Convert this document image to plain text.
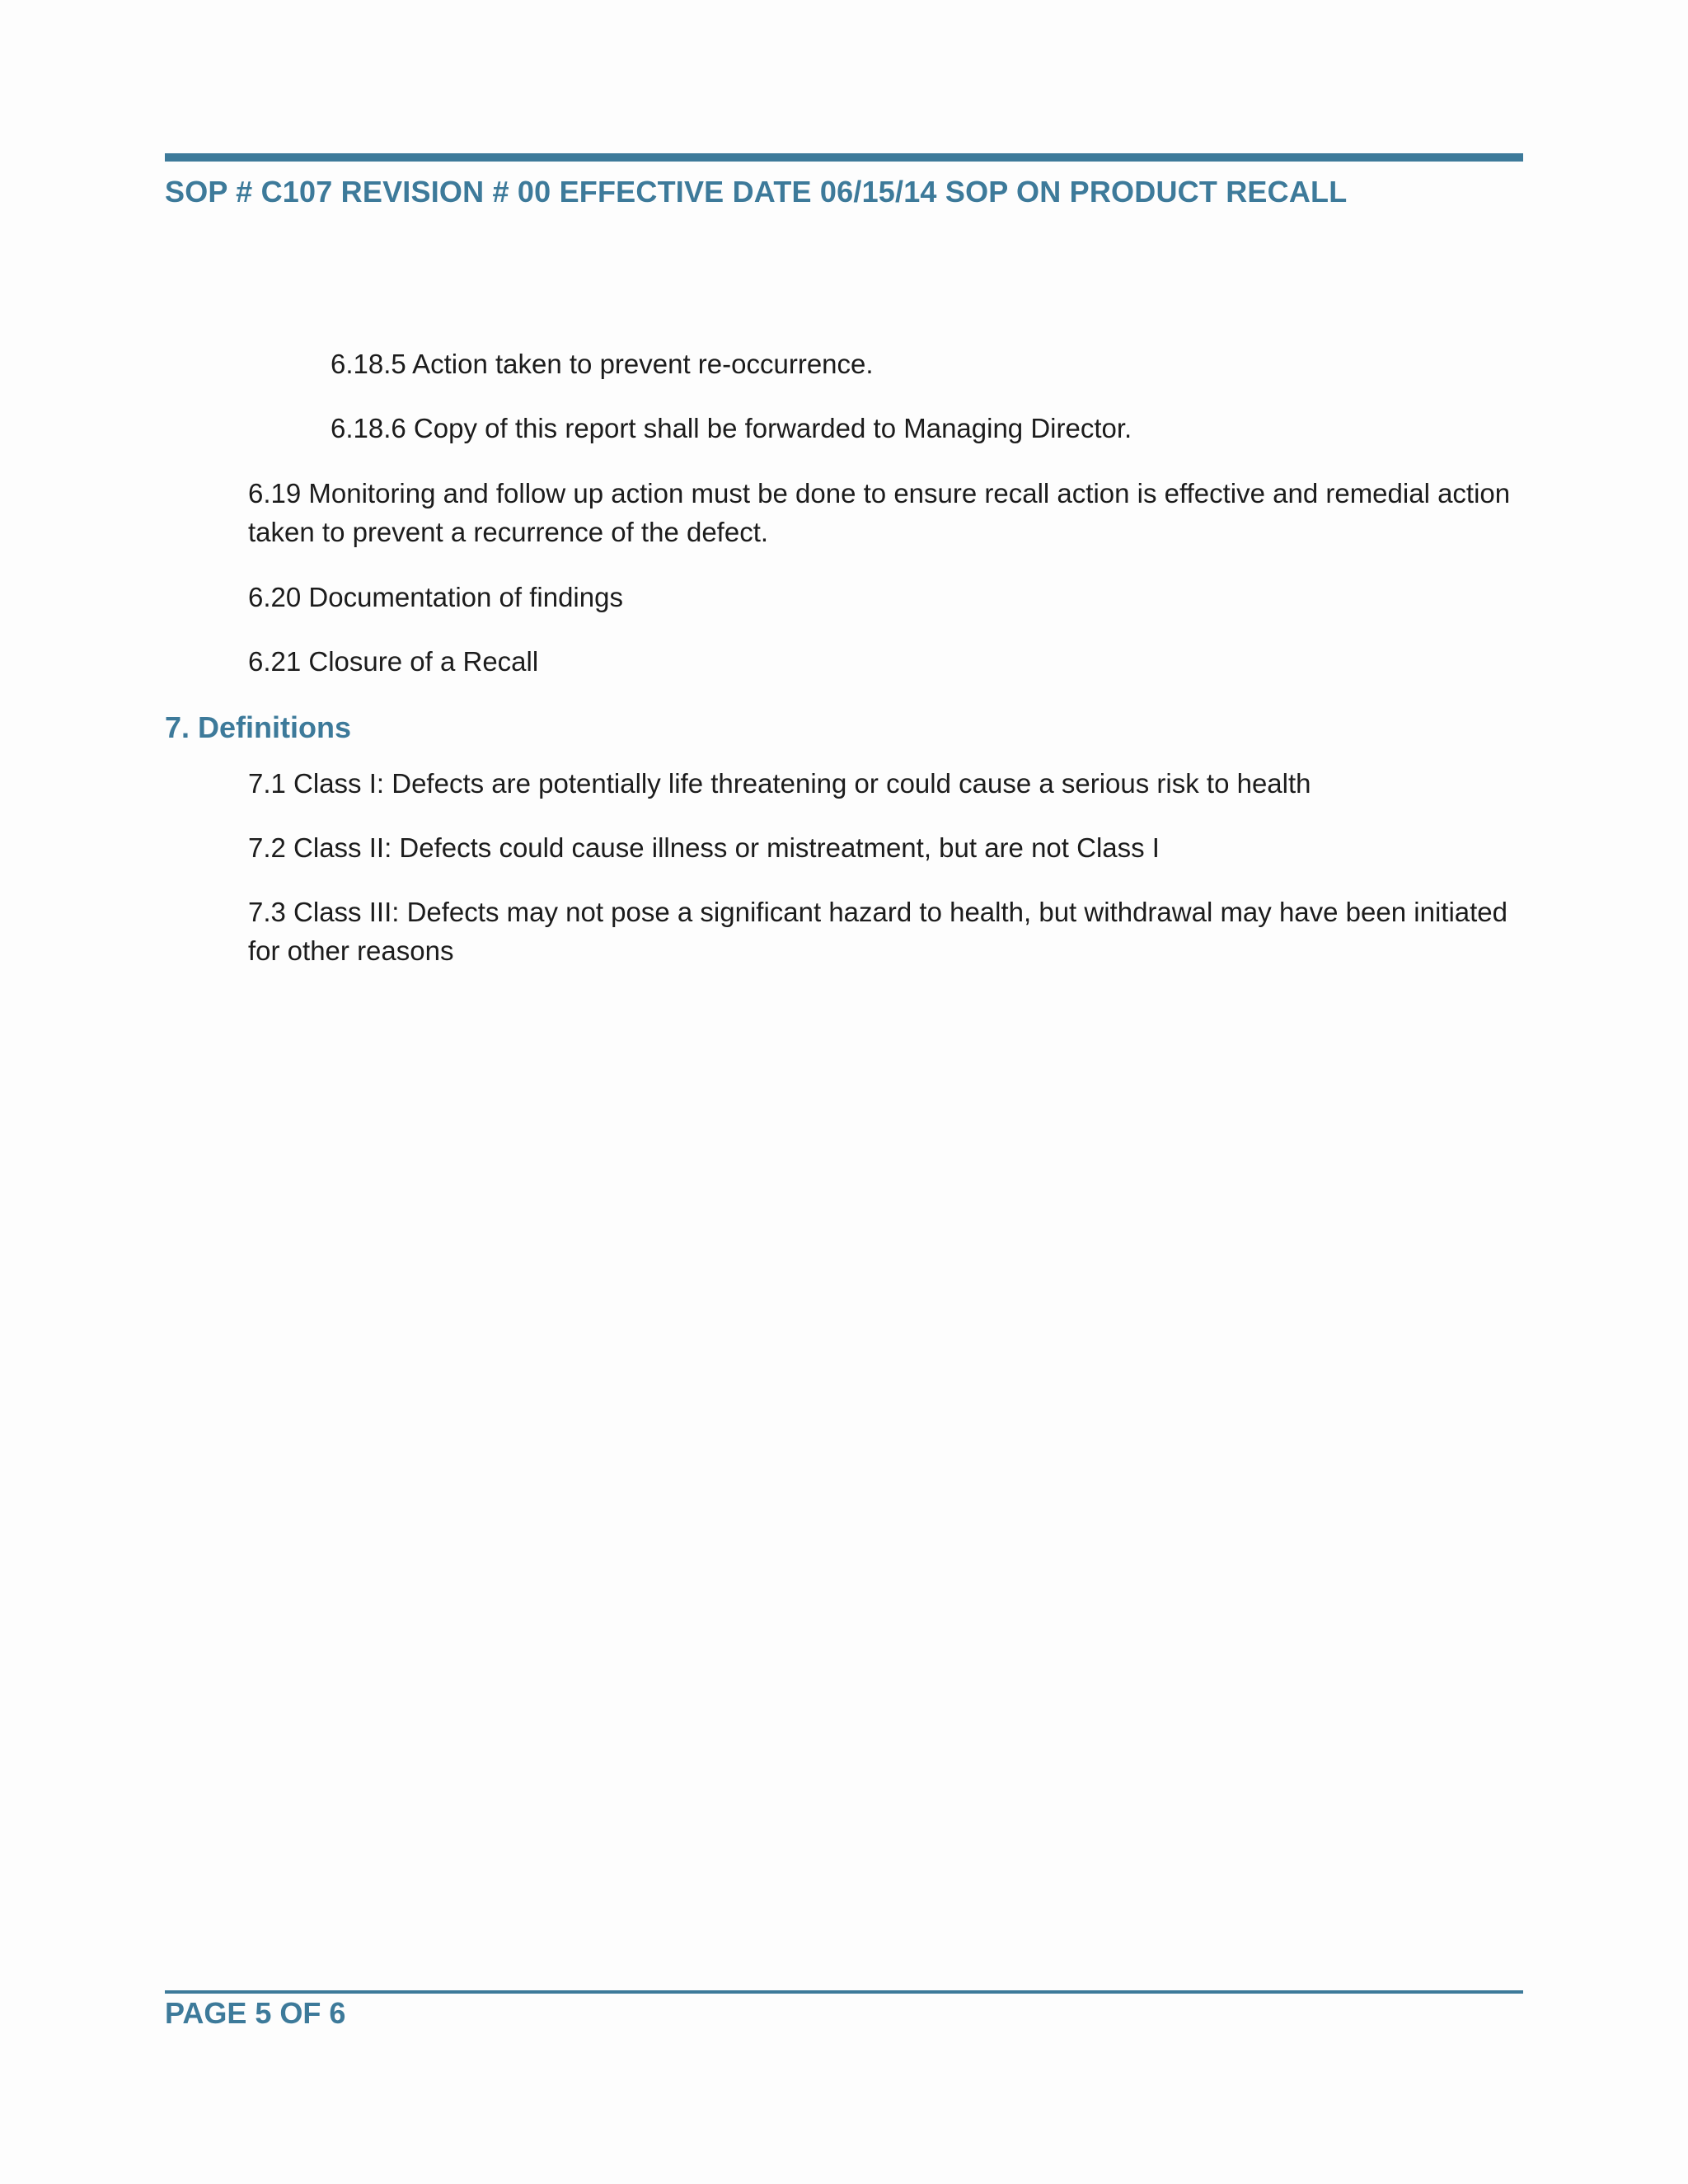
SOP # C107 REVISION # 00 EFFECTIVE DATE 06/15/14 SOP ON PRODUCT RECALL
6.18.5 Action taken to prevent re-occurrence.
6.18.6 Copy of this report shall be forwarded to Managing Director.
6.19 Monitoring and follow up action must be done to ensure recall action is effective and remedial action taken to prevent a recurrence of the defect.
6.20 Documentation of findings
6.21 Closure of a Recall
7. Definitions
7.1 Class I: Defects are potentially life threatening or could cause a serious risk to health
7.2 Class II: Defects could cause illness or mistreatment, but are not Class I
7.3 Class III: Defects may not pose a significant hazard to health, but withdrawal may have been initiated for other reasons
PAGE 5 OF 6
